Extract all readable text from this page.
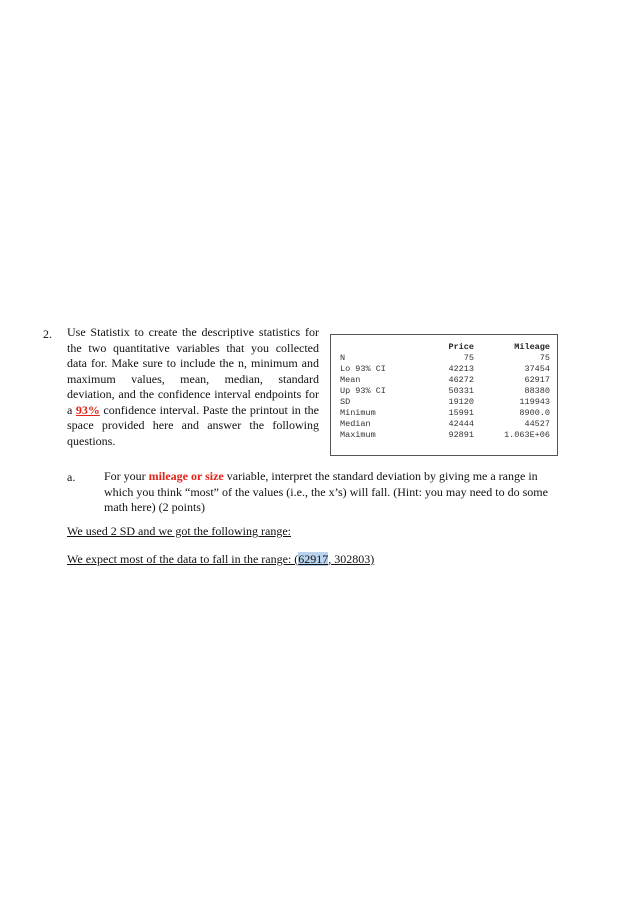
2. Use Statistix to create the descriptive statistics for the two quantitative variables that you collected data for. Make sure to include the n, minimum and maximum values, mean, median, standard deviation, and the confidence interval endpoints for a 93% confidence interval. Paste the printout in the space provided here and answer the following questions.
	Price	Mileage
N	75	75
Lo 93% CI	42213	37454
Mean	46272	62917
Up 93% CI	50331	88380
SD	19120	119943
Minimum	15991	8900.0
Median	42444	44527
Maximum	92891	1.063E+06
a. For your mileage or size variable, interpret the standard deviation by giving me a range in which you think “most” of the values (i.e., the x’s) will fall. (Hint: you may need to do some math here) (2 points)
We used 2 SD and we got the following range:
We expect most of the data to fall in the range: (62917, 302803)
